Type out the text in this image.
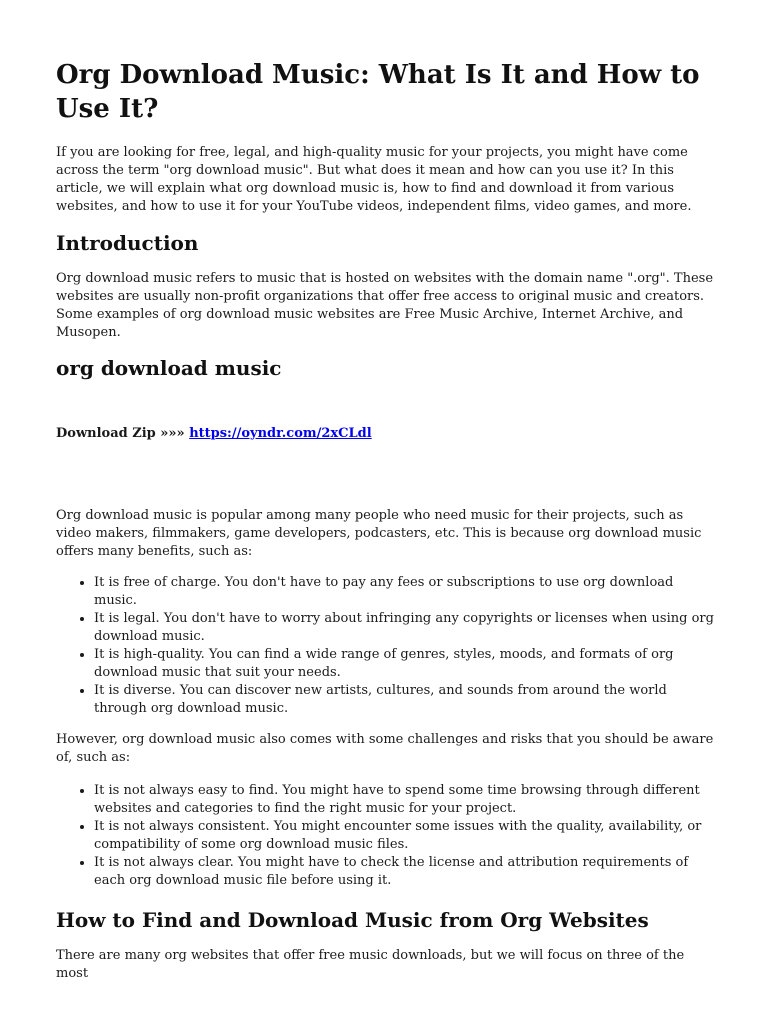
Org Download Music: What Is It and How to Use It?

If you are looking for free, legal, and high-quality music for your projects, you might have come across the term "org download music". But what does it mean and how can you use it? In this article, we will explain what org download music is, how to find and download it from various websites, and how to use it for your YouTube videos, independent films, video games, and more.

Introduction

Org download music refers to music that is hosted on websites with the domain name ".org". These websites are usually non-profit organizations that offer free access to original music and creators. Some examples of org download music websites are Free Music Archive, Internet Archive, and Musopen.

org download music
Download Zip »»» https://oyndr.com/2xCLdl

Org download music is popular among many people who need music for their projects, such as video makers, filmmakers, game developers, podcasters, etc. This is because org download music offers many benefits, such as:

• It is free of charge. You don't have to pay any fees or subscriptions to use org download music.
• It is legal. You don't have to worry about infringing any copyrights or licenses when using org download music.
• It is high-quality. You can find a wide range of genres, styles, moods, and formats of org download music that suit your needs.
• It is diverse. You can discover new artists, cultures, and sounds from around the world through org download music.

However, org download music also comes with some challenges and risks that you should be aware of, such as:

• It is not always easy to find. You might have to spend some time browsing through different websites and categories to find the right music for your project.
• It is not always consistent. You might encounter some issues with the quality, availability, or compatibility of some org download music files.
• It is not always clear. You might have to check the license and attribution requirements of each org download music file before using it.
How to Find and Download Music from Org Websites

There are many org websites that offer free music downloads, but we will focus on three of the most
